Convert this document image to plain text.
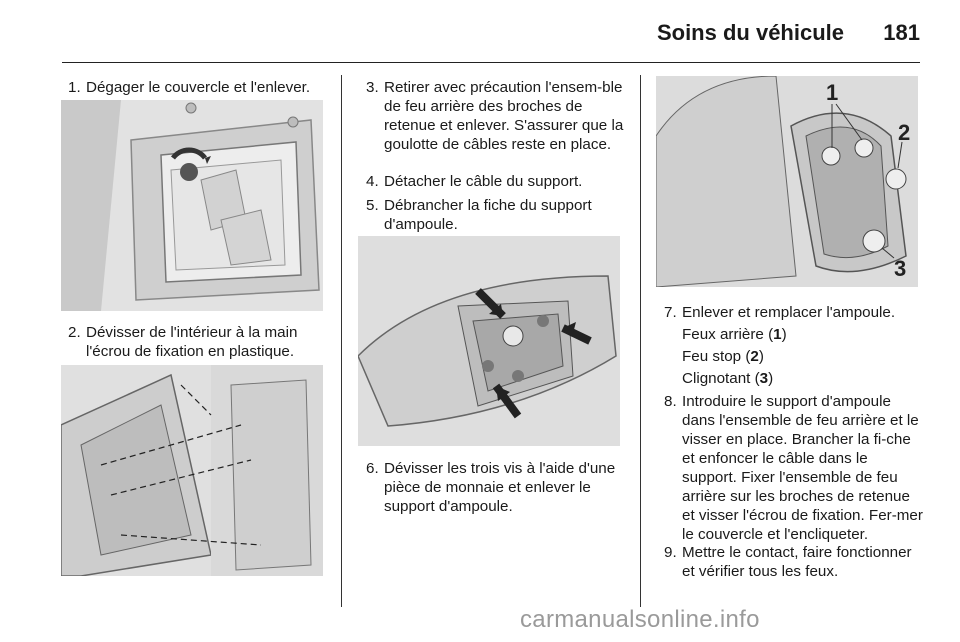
Soins du véhicule 181
1. Dégager le couvercle et l'enlever.
2. Dévisser de l'intérieur à la main l'écrou de fixation en plastique.
3. Retirer avec précaution l'ensem-ble de feu arrière des broches de retenue et enlever. S'assurer que la goulotte de câbles reste en place.
4. Détacher le câble du support.
5. Débrancher la fiche du support d'ampoule.
6. Dévisser les trois vis à l'aide d'une pièce de monnaie et enlever le support d'ampoule.
1
2
3
7. Enlever et remplacer l'ampoule.
Feux arrière (1)
Feu stop (2)
Clignotant (3)
8. Introduire le support d'ampoule dans l'ensemble de feu arrière et le visser en place. Brancher la fi-che et enfoncer le câble dans le support. Fixer l'ensemble de feu arrière sur les broches de retenue et visser l'écrou de fixation. Fer-mer le couvercle et l'encliqueter.
9. Mettre le contact, faire fonctionner et vérifier tous les feux.
carmanualsonline.info
